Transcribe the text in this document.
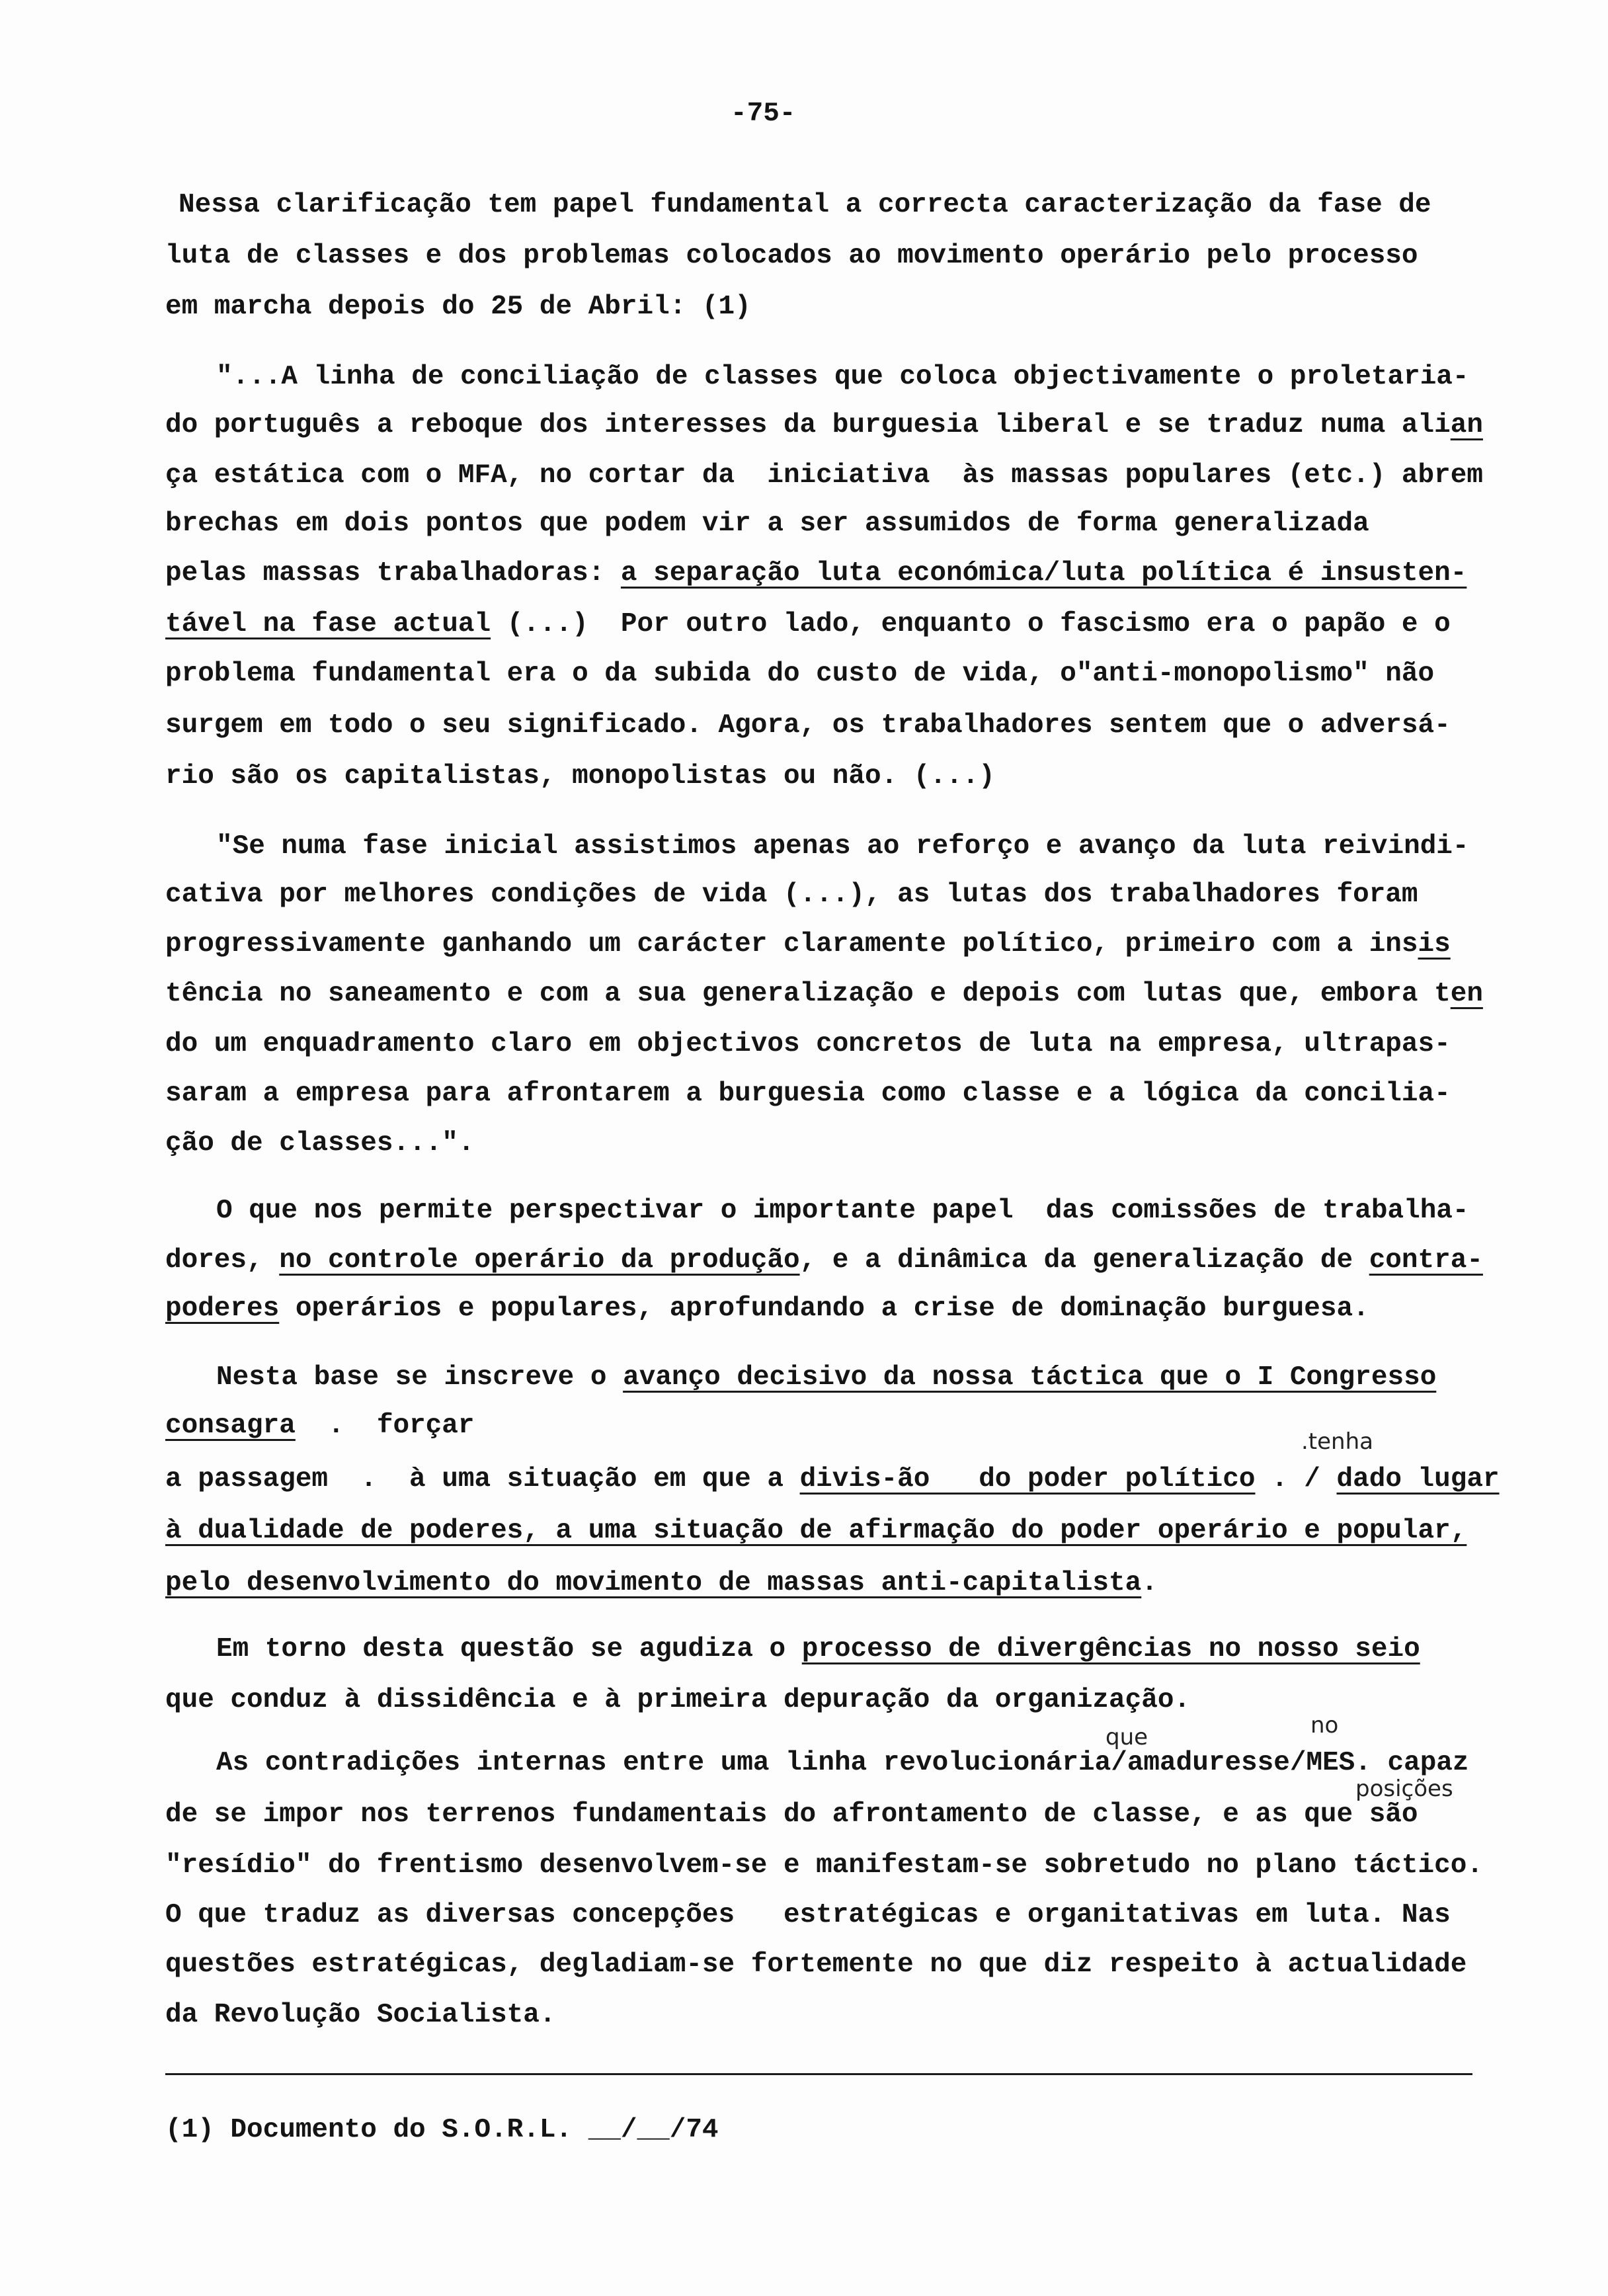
-75-
Nessa clarificação tem papel fundamental a correcta caracterização da fase de
luta de classes e dos problemas colocados ao movimento operário pelo processo
em marcha depois do 25 de Abril: (1)
"...A linha de conciliação de classes que coloca objectivamente o proletaria-
do português a reboque dos interesses da burguesia liberal e se traduz numa alian
ça estática com o MFA, no cortar da  iniciativa  às massas populares (etc.) abrem
brechas em dois pontos que podem vir a ser assumidos de forma generalizada
pelas massas trabalhadoras: a separação luta económica/luta política é insusten-
tável na fase actual (...)  Por outro lado, enquanto o fascismo era o papão e o
problema fundamental era o da subida do custo de vida, o"anti-monopolismo" não
surgem em todo o seu significado. Agora, os trabalhadores sentem que o adversá-
rio são os capitalistas, monopolistas ou não. (...)
"Se numa fase inicial assistimos apenas ao reforço e avanço da luta reivindi-
cativa por melhores condições de vida (...), as lutas dos trabalhadores foram
progressivamente ganhando um carácter claramente político, primeiro com a insis
tência no saneamento e com a sua generalização e depois com lutas que, embora ten
do um enquadramento claro em objectivos concretos de luta na empresa, ultrapas-
saram a empresa para afrontarem a burguesia como classe e a lógica da concilia-
ção de classes...".
O que nos permite perspectivar o importante papel  das comissões de trabalha-
dores, no controle operário da produção, e a dinâmica da generalização de contra-
poderes operários e populares, aprofundando a crise de dominação burguesa.
Nesta base se inscreve o avanço decisivo da nossa táctica que o I Congresso
consagra  .  forçar
.tenha
a passagem  .  à uma situação em que a divis-ão   do poder político . / dado lugar
à dualidade de poderes, a uma situação de afirmação do poder operário e popular,
pelo desenvolvimento do movimento de massas anti-capitalista.
Em torno desta questão se agudiza o processo de divergências no nosso seio
que conduz à dissidência e à primeira depuração da organização.
que	no
As contradições internas entre uma linha revolucionária/amaduresse/MES. capaz
posições
de se impor nos terrenos fundamentais do afrontamento de classe, e as que são
"resídio" do frentismo desenvolvem-se e manifestam-se sobretudo no plano táctico.
O que traduz as diversas concepções   estratégicas e organitativas em luta. Nas
questões estratégicas, degladiam-se fortemente no que diz respeito à actualidade
da Revolução Socialista.
(1) Documento do S.O.R.L. __/__/74
